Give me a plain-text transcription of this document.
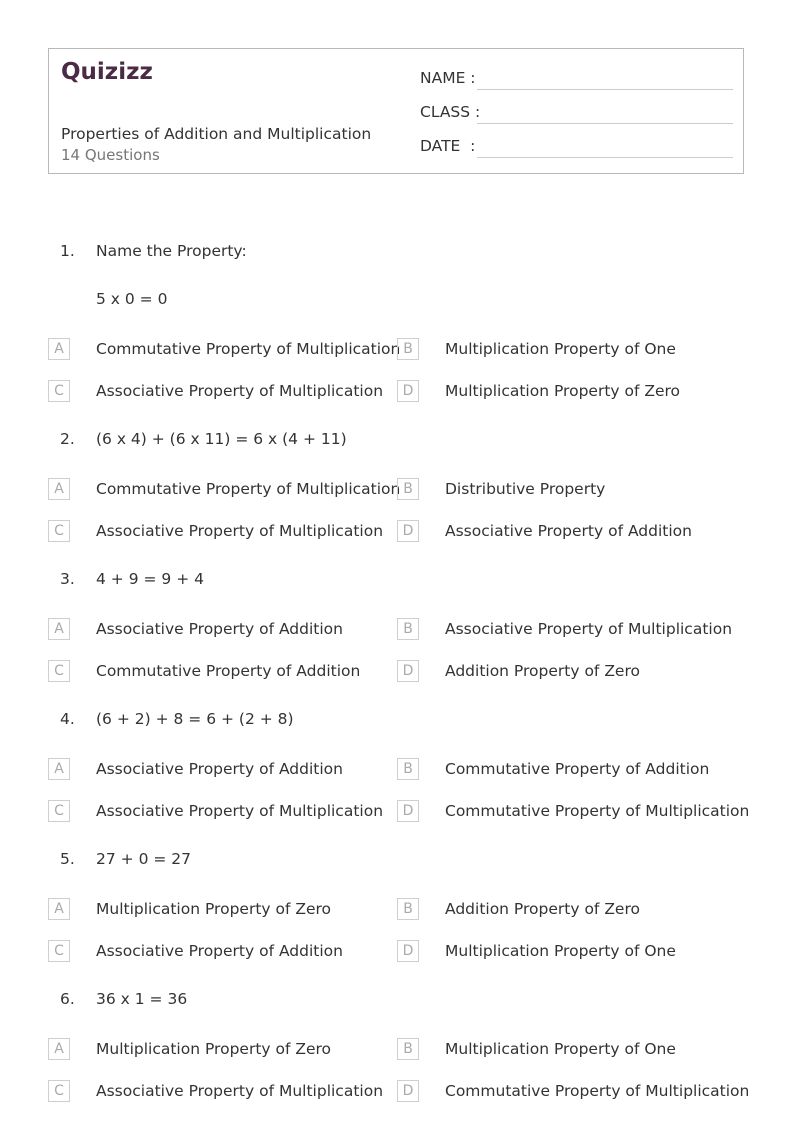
Quizizz
Properties of Addition and Multiplication
14 Questions
NAME :
CLASS :
DATE  :
1. Name the Property:
5 x 0 = 0
A	Commutative Property of Multiplication B	Multiplication Property of One
C	Associative Property of Multiplication	D	Multiplication Property of Zero
2. (6 x 4) + (6 x 11) = 6 x (4 + 11)
A	Commutative Property of Multiplication B	Distributive Property
C	Associative Property of Multiplication	D	Associative Property of Addition
3. 4 + 9 = 9 + 4
A	Associative Property of Addition	B	Associative Property of Multiplication
C	Commutative Property of Addition	D	Addition Property of Zero
4. (6 + 2) + 8 = 6 + (2 + 8)
A	Associative Property of Addition	B	Commutative Property of Addition
C	Associative Property of Multiplication	D	Commutative Property of Multiplication
5. 27 + 0 = 27
A	Multiplication Property of Zero	B	Addition Property of Zero
C	Associative Property of Addition	D	Multiplication Property of One
6. 36 x 1 = 36
A	Multiplication Property of Zero	B	Multiplication Property of One
C	Associative Property of Multiplication	D	Commutative Property of Multiplication
